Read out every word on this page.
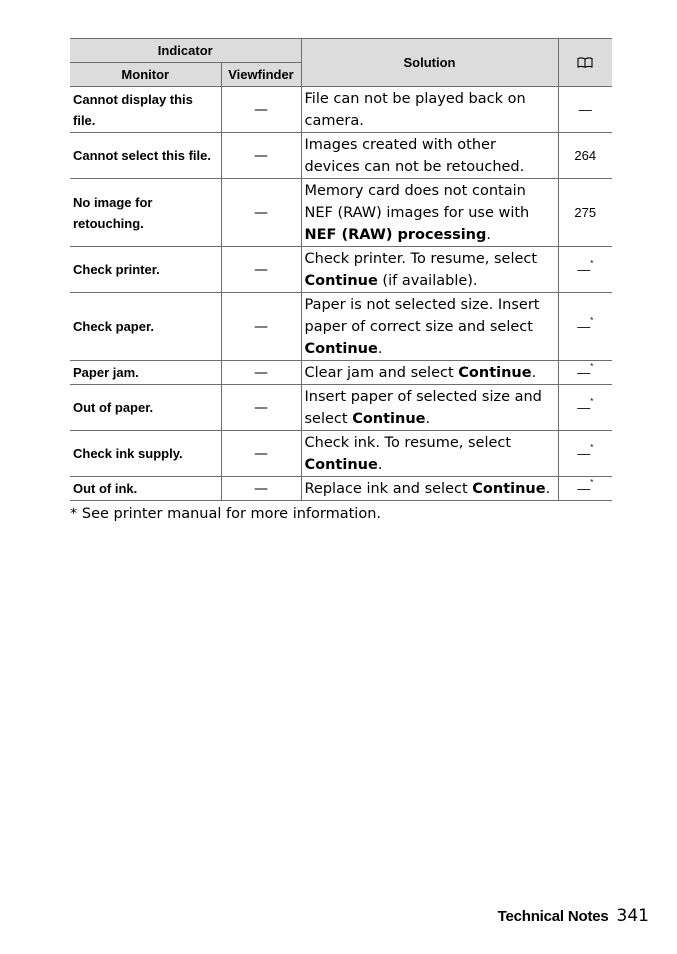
Indicator		Solution	
Monitor	Viewfinder		
Cannot display this file.	—	File can not be played back on camera.	—
Cannot select this file.	—	Images created with other devices can not be retouched.	264
No image for retouching.	—	Memory card does not contain NEF (RAW) images for use with NEF (RAW) processing.	275
Check printer.	—	Check printer. To resume, select Continue (if available).	—*
Check paper.	—	Paper is not selected size. Insert paper of correct size and select Continue.	—*
Paper jam.	—	Clear jam and select Continue.	—*
Out of paper.	—	Insert paper of selected size and select Continue.	—*
Check ink supply.	—	Check ink. To resume, select Continue.	—*
Out of ink.	—	Replace ink and select Continue.	—*
* See printer manual for more information.
Technical Notes 341
